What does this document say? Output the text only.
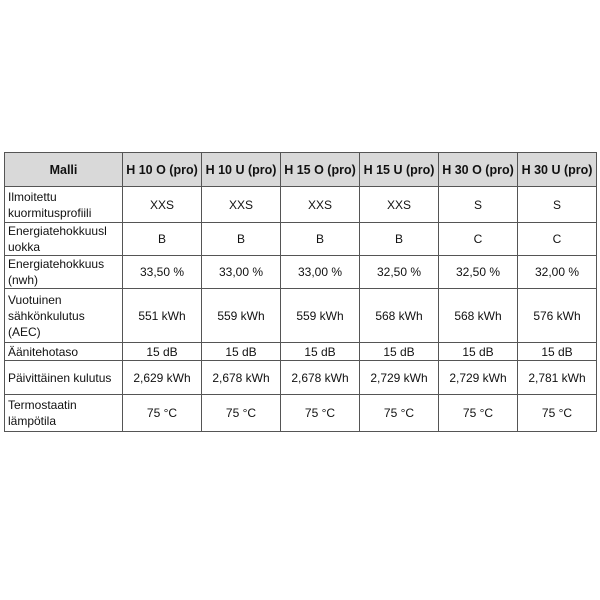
Malli	H 10 O (pro)	H 10 U (pro)	H 15 O (pro)	H 15 U (pro)	H 30 O (pro)	H 30 U (pro)
Ilmoitettu kuormitusprofiili	XXS	XXS	XXS	XXS	S	S
Energiatehokkuusl uokka	B	B	B	B	C	C
Energiatehokkuus (nwh)	33,50 %	33,00 %	33,00 %	32,50 %	32,50 %	32,00 %
Vuotuinen sähkönkulutus (AEC)	551 kWh	559 kWh	559 kWh	568 kWh	568 kWh	576 kWh
Äänitehotaso	15 dB	15 dB	15 dB	15 dB	15 dB	15 dB
Päivittäinen kulutus	2,629 kWh	2,678 kWh	2,678 kWh	2,729 kWh	2,729 kWh	2,781 kWh
Termostaatin lämpötila	75 °C	75 °C	75 °C	75 °C	75 °C	75 °C
